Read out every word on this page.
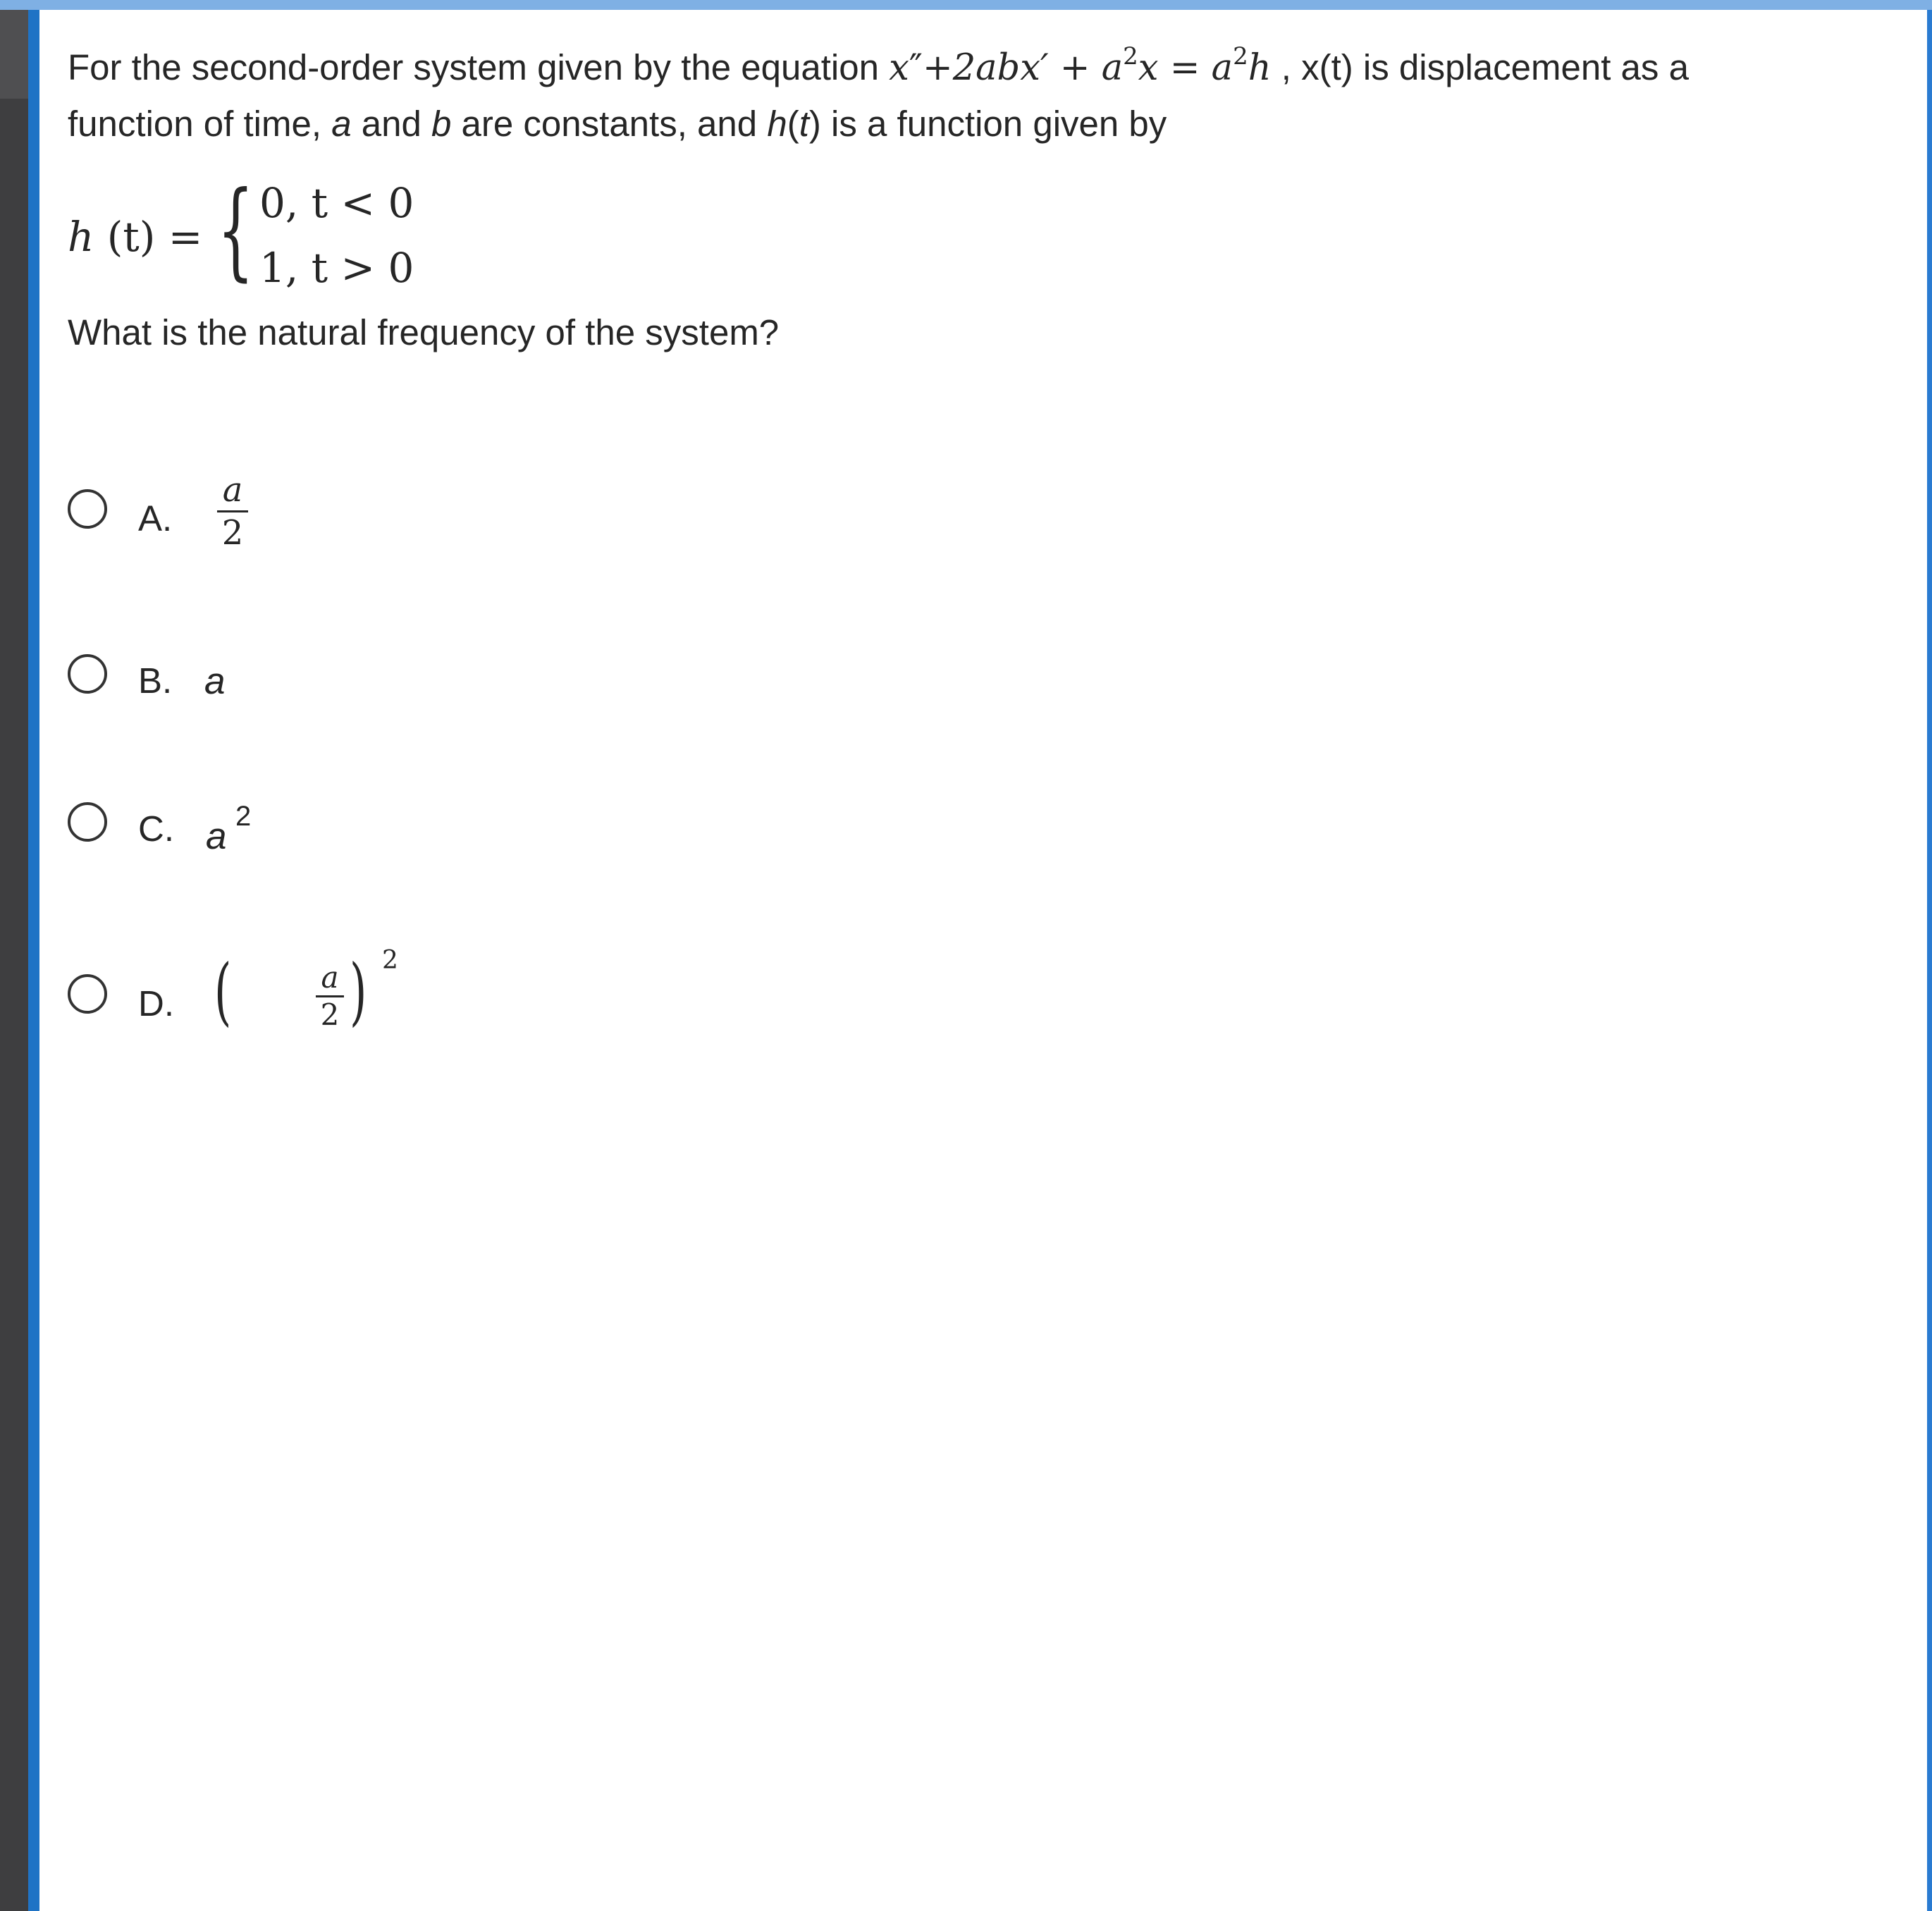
For the second-order system given by the equation $x''+2abx' + a^2x = a^2h$ , x(t) is displacement as a
function of time, a and b are constants, and h(t) is a function given by
h (t) = { 0, t < 0
1, t > 0
What is the natural frequency of the system?
A.
a
2
B. a
C. a 2
D. (	a
2 ) 2
